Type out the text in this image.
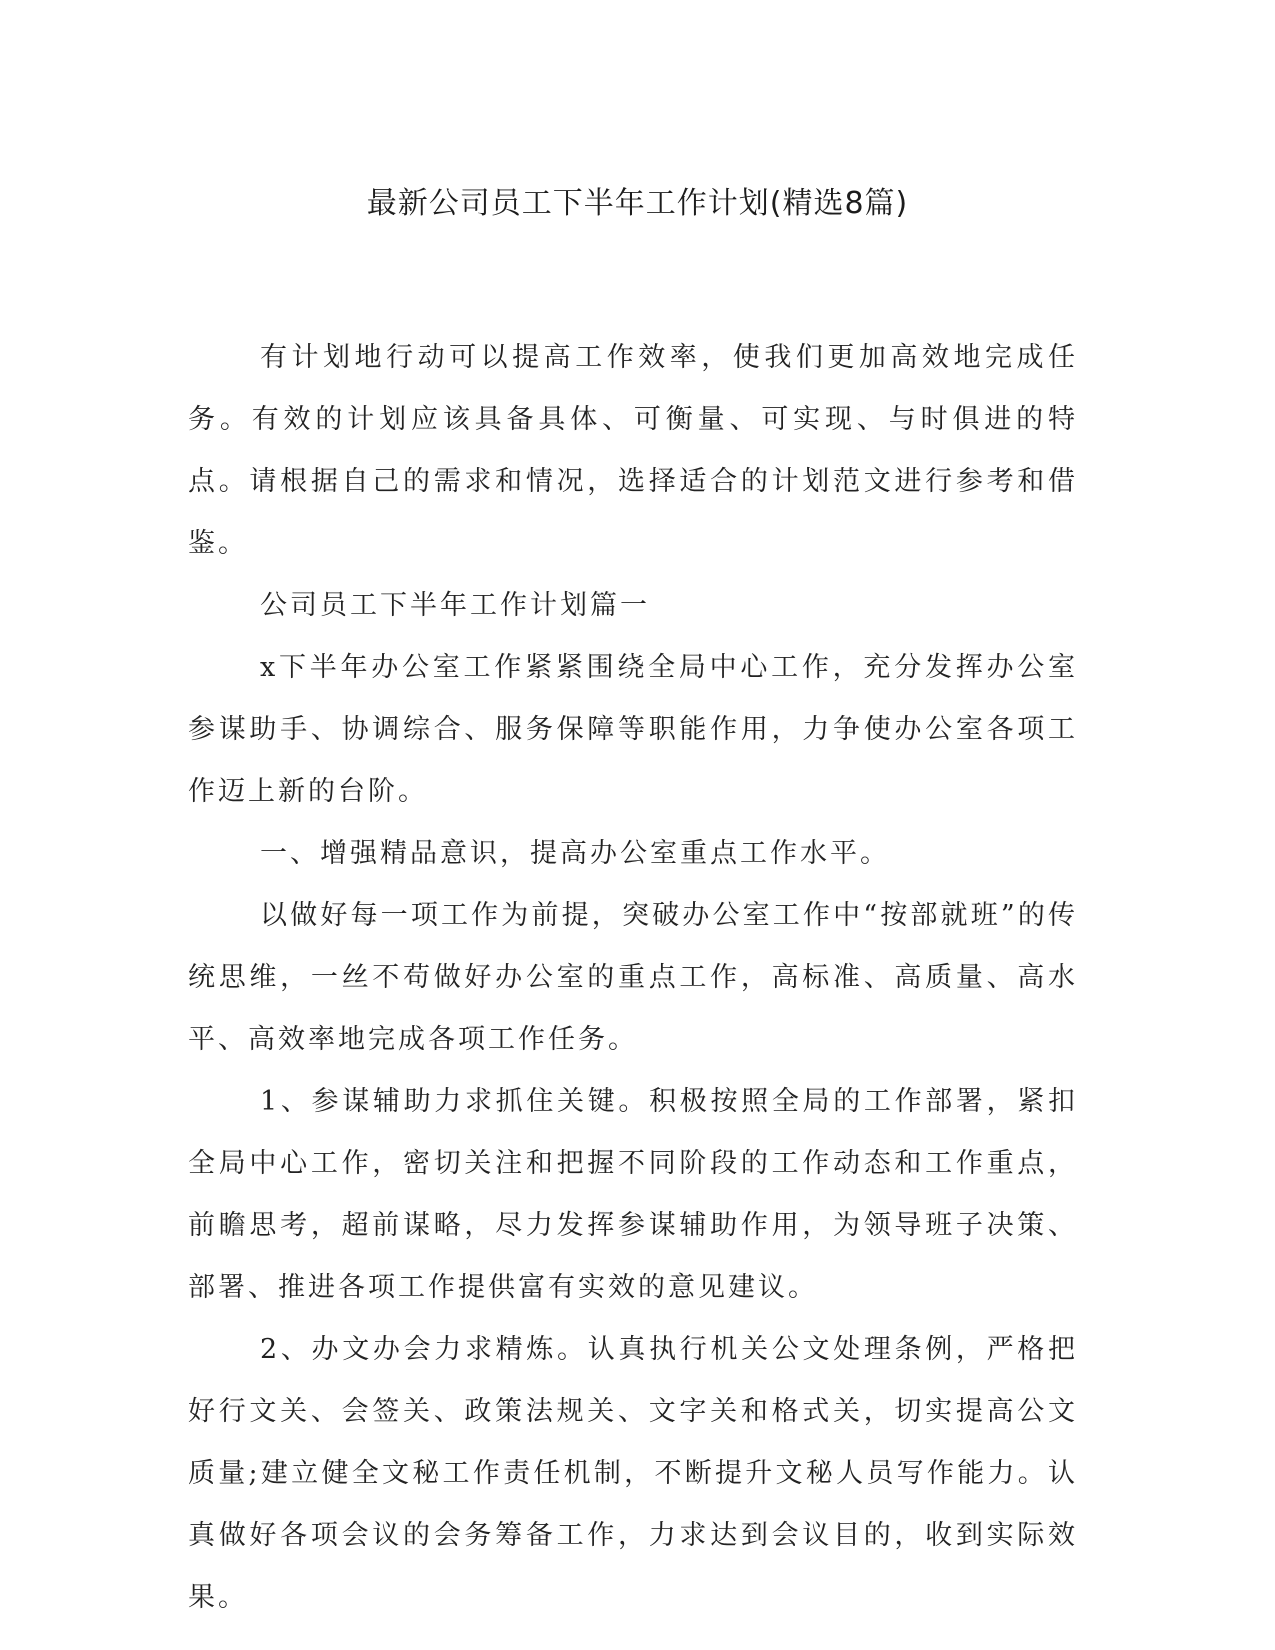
最新公司员工下半年工作计划(精选8篇)

有计划地行动可以提高工作效率，使我们更加高效地完成任务。有效的计划应该具备具体、可衡量、可实现、与时俱进的特点。请根据自己的需求和情况，选择适合的计划范文进行参考和借鉴。

公司员工下半年工作计划篇一

x下半年办公室工作紧紧围绕全局中心工作，充分发挥办公室参谋助手、协调综合、服务保障等职能作用，力争使办公室各项工作迈上新的台阶。

一、增强精品意识，提高办公室重点工作水平。

以做好每一项工作为前提，突破办公室工作中“按部就班”的传统思维，一丝不苟做好办公室的重点工作，高标准、高质量、高水平、高效率地完成各项工作任务。

1、参谋辅助力求抓住关键。积极按照全局的工作部署，紧扣全局中心工作，密切关注和把握不同阶段的工作动态和工作重点，前瞻思考，超前谋略，尽力发挥参谋辅助作用，为领导班子决策、部署、推进各项工作提供富有实效的意见建议。

2、办文办会力求精炼。认真执行机关公文处理条例，严格把好行文关、会签关、政策法规关、文字关和格式关，切实提高公文质量;建立健全文秘工作责任机制，不断提升文秘人员写作能力。认真做好各项会议的会务筹备工作，力求达到会议目的，收到实际效果。
